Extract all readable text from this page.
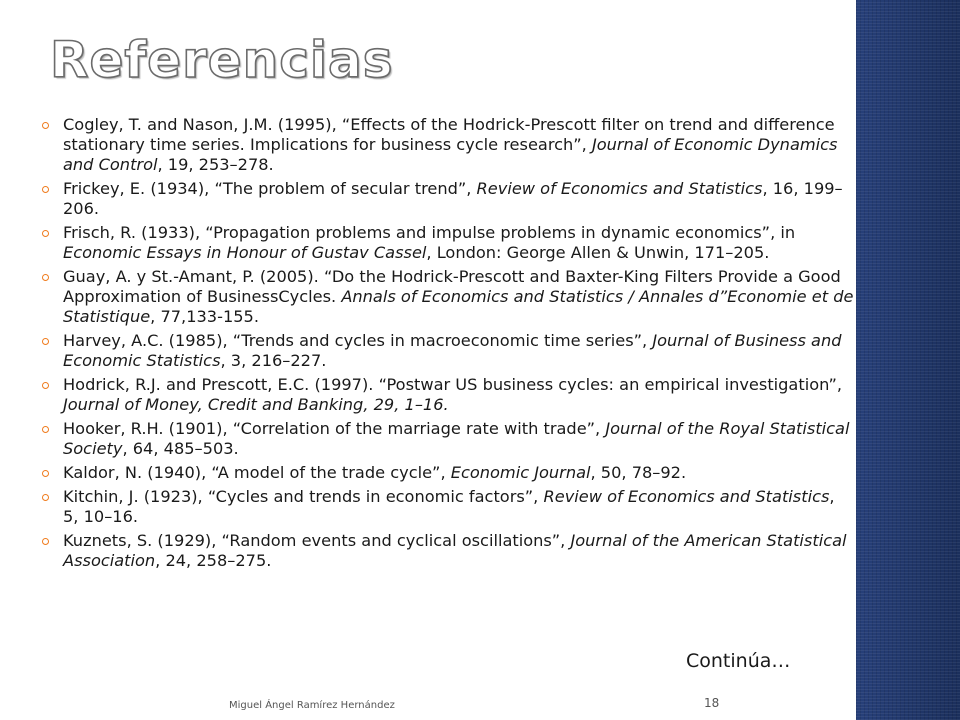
Referencias
Cogley, T. and Nason, J.M. (1995), “Effects of the Hodrick-Prescott filter on trend and difference stationary time series. Implications for business cycle research”, Journal of Economic Dynamics and Control, 19, 253–278.
Frickey, E. (1934), “The problem of secular trend”, Review of Economics and Statistics, 16, 199–206.
Frisch, R. (1933), “Propagation problems and impulse problems in dynamic economics”, in Economic Essays in Honour of Gustav Cassel, London: George Allen & Unwin, 171–205.
Guay, A. y St.-Amant, P. (2005). “Do the Hodrick-Prescott and Baxter-King Filters Provide a Good Approximation of BusinessCycles. Annals of Economics and Statistics / Annales d”Economie et de Statistique, 77,133-155.
Harvey, A.C. (1985), “Trends and cycles in macroeconomic time series”, Journal of Business and Economic Statistics, 3, 216–227.
Hodrick, R.J. and Prescott, E.C. (1997). “Postwar US business cycles: an empirical investigation”, Journal of Money, Credit and Banking, 29, 1–16.
Hooker, R.H. (1901), “Correlation of the marriage rate with trade”, Journal of the Royal Statistical Society, 64, 485–503.
Kaldor, N. (1940), “A model of the trade cycle”, Economic Journal, 50, 78–92.
Kitchin, J. (1923), “Cycles and trends in economic factors”, Review of Economics and Statistics, 5, 10–16.
Kuznets, S. (1929), “Random events and cyclical oscillations”, Journal of the American Statistical Association, 24, 258–275.
Continúa…
Miguel Ángel Ramírez Hernández	18
